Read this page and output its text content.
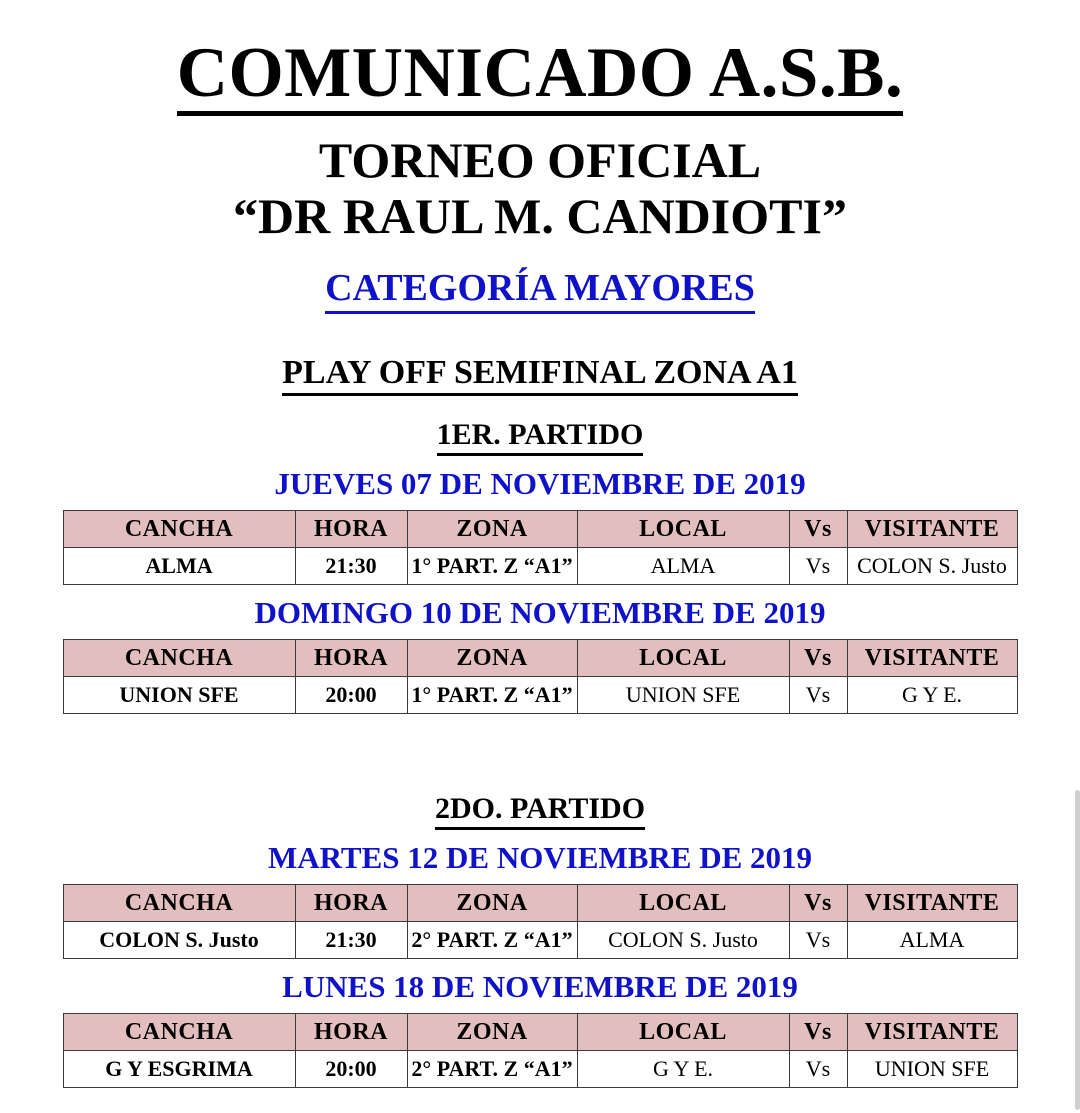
COMUNICADO A.S.B.
TORNEO OFICIAL
“DR RAUL M. CANDIOTI”
CATEGORÍA MAYORES
PLAY OFF SEMIFINAL ZONA A1
1ER. PARTIDO
JUEVES 07 DE NOVIEMBRE DE 2019
CANCHA	HORA	ZONA	LOCAL	Vs	VISITANTE
ALMA	21:30	1° PART. Z “A1”	ALMA	Vs	COLON S. Justo
DOMINGO 10 DE NOVIEMBRE DE 2019
CANCHA	HORA	ZONA	LOCAL	Vs	VISITANTE
UNION SFE	20:00	1° PART. Z “A1”	UNION SFE	Vs	G Y E.
2DO. PARTIDO
MARTES 12 DE NOVIEMBRE DE 2019
CANCHA	HORA	ZONA	LOCAL	Vs	VISITANTE
COLON S. Justo	21:30	2° PART. Z “A1”	COLON S. Justo	Vs	ALMA
LUNES 18 DE NOVIEMBRE DE 2019
CANCHA	HORA	ZONA	LOCAL	Vs	VISITANTE
G Y ESGRIMA	20:00	2° PART. Z “A1”	G Y E.	Vs	UNION SFE
